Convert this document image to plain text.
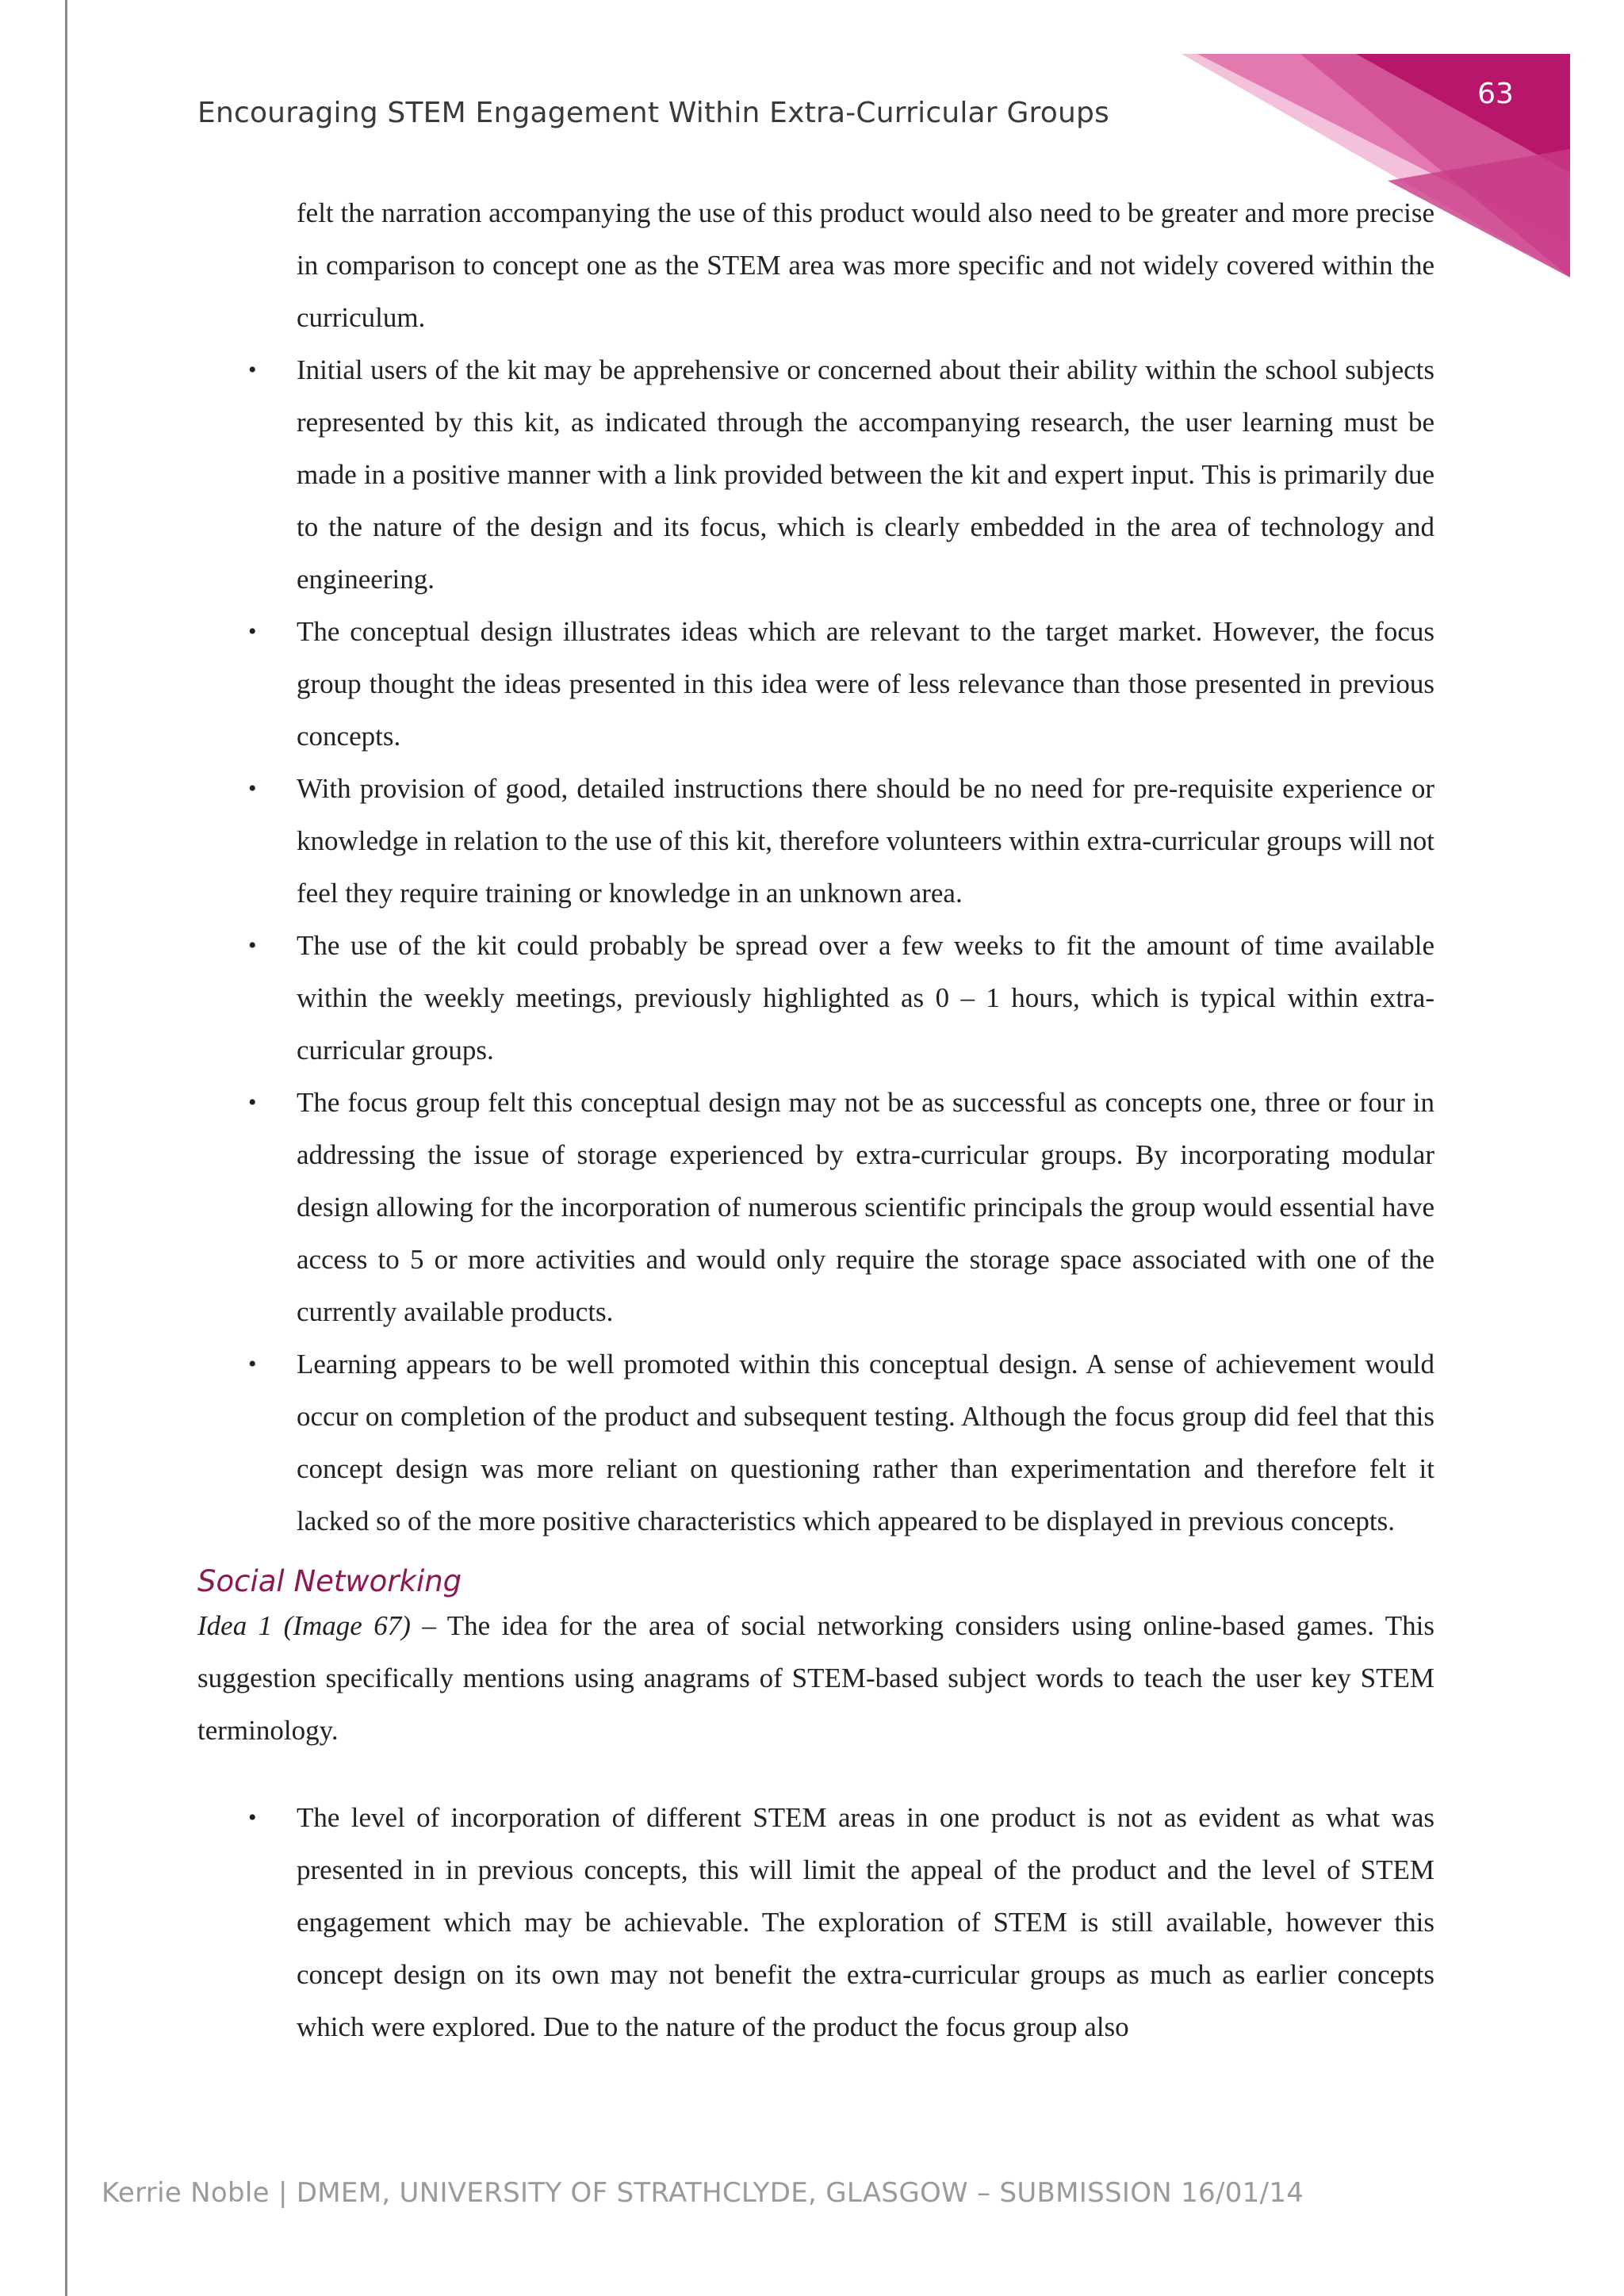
63
Encouraging STEM Engagement Within Extra-Curricular Groups

felt the narration accompanying the use of this product would also need to be greater and more precise in comparison to concept one as the STEM area was more specific and not widely covered within the curriculum.

• Initial users of the kit may be apprehensive or concerned about their ability within the school subjects represented by this kit, as indicated through the accompanying research, the user learning must be made in a positive manner with a link provided between the kit and expert input. This is primarily due to the nature of the design and its focus, which is clearly embedded in the area of technology and engineering.
• The conceptual design illustrates ideas which are relevant to the target market. However, the focus group thought the ideas presented in this idea were of less relevance than those presented in previous concepts.
• With provision of good, detailed instructions there should be no need for pre-requisite experience or knowledge in relation to the use of this kit, therefore volunteers within extra-curricular groups will not feel they require training or knowledge in an unknown area.
• The use of the kit could probably be spread over a few weeks to fit the amount of time available within the weekly meetings, previously highlighted as 0 – 1 hours, which is typical within extra-curricular groups.
• The focus group felt this conceptual design may not be as successful as concepts one, three or four in addressing the issue of storage experienced by extra-curricular groups. By incorporating modular design allowing for the incorporation of numerous scientific principals the group would essential have access to 5 or more activities and would only require the storage space associated with one of the currently available products.
• Learning appears to be well promoted within this conceptual design. A sense of achievement would occur on completion of the product and subsequent testing. Although the focus group did feel that this concept design was more reliant on questioning rather than experimentation and therefore felt it lacked so of the more positive characteristics which appeared to be displayed in previous concepts.
Social Networking

Idea 1 (Image 67) – The idea for the area of social networking considers using online-based games. This suggestion specifically mentions using anagrams of STEM-based subject words to teach the user key STEM terminology.

• The level of incorporation of different STEM areas in one product is not as evident as what was presented in in previous concepts, this will limit the appeal of the product and the level of STEM engagement which may be achievable. The exploration of STEM is still available, however this concept design on its own may not benefit the extra-curricular groups as much as earlier concepts which were explored. Due to the nature of the product the focus group also
Kerrie Noble | DMEM, UNIVERSITY OF STRATHCLYDE, GLASGOW – SUBMISSION 16/01/14
